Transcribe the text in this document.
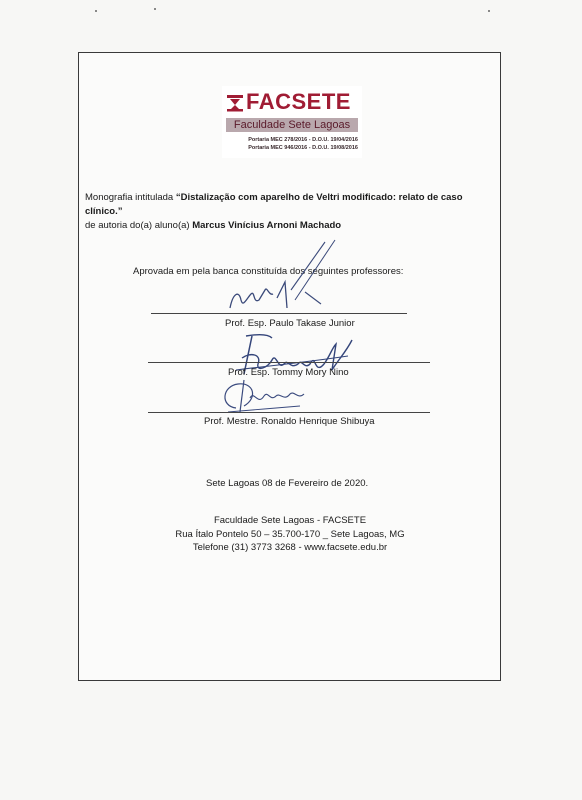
FACSETE
Faculdade Sete Lagoas
Portaria MEC 278/2016 - D.O.U. 19/04/2016
Portaria MEC 946/2016 - D.O.U. 19/08/2016
Monografia intitulada “Distalização com aparelho de Veltri modificado: relato de caso clínico.”
de autoria do(a) aluno(a) Marcus Vinícius Arnoni Machado
Aprovada em pela banca constituída dos seguintes professores:
Prof. Esp. Paulo Takase Junior
Prof. Esp. Tommy Mory Nino
Prof. Mestre. Ronaldo Henrique Shibuya
Sete Lagoas 08 de Fevereiro de 2020.
Faculdade Sete Lagoas - FACSETE
Rua Ítalo Pontelo 50 – 35.700-170 _ Sete Lagoas, MG
Telefone (31) 3773 3268 - www.facsete.edu.br
